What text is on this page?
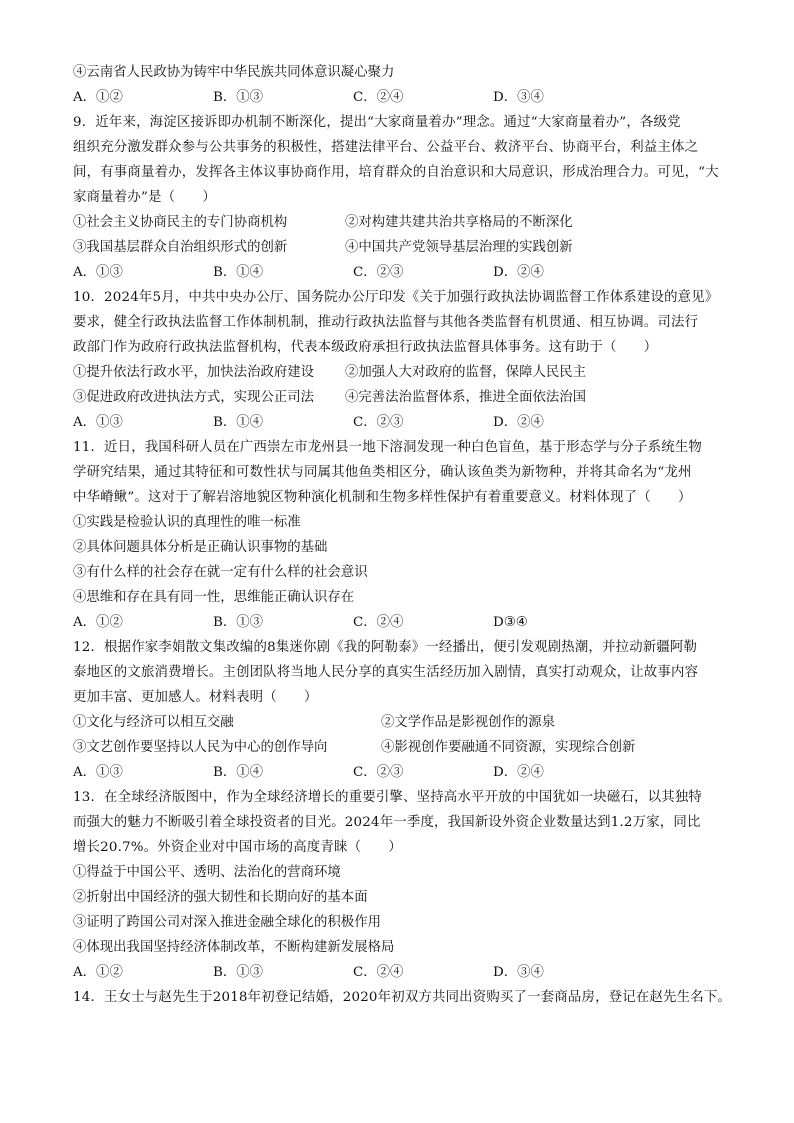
④云南省人民政协为铸牢中华民族共同体意识凝心聚力
A．①②	B．①③	C．②④	D．③④
9．近年来，海淀区接诉即办机制不断深化，提出“大家商量着办”理念。通过“大家商量着办”，各级党
组织充分激发群众参与公共事务的积极性，搭建法律平台、公益平台、救济平台、协商平台，利益主体之
间，有事商量着办，发挥各主体议事协商作用，培育群众的自治意识和大局意识，形成治理合力。可见，“大
家商量着办”是（　　）
①社会主义协商民主的专门协商机构	②对构建共建共治共享格局的不断深化
③我国基层群众自治组织形式的创新	④中国共产党领导基层治理的实践创新
A．①③	B．①④	C．②③	D．②④
10．2024年5月，中共中央办公厅、国务院办公厅印发《关于加强行政执法协调监督工作体系建设的意见》
要求，健全行政执法监督工作体制机制，推动行政执法监督与其他各类监督有机贯通、相互协调。司法行
政部门作为政府行政执法监督机构，代表本级政府承担行政执法监督具体事务。这有助于（　　）
①提升依法行政水平，加快法治政府建设	②加强人大对政府的监督，保障人民民主
③促进政府改进执法方式，实现公正司法	④完善法治监督体系，推进全面依法治国
A．①③	B．①④	C．②③	D．②④
11．近日，我国科研人员在广西崇左市龙州县一地下溶洞发现一种白色盲鱼，基于形态学与分子系统生物
学研究结果，通过其特征和可数性状与同属其他鱼类相区分，确认该鱼类为新物种，并将其命名为“龙州
中华嵴鳅”。这对于了解岩溶地貌区物种演化机制和生物多样性保护有着重要意义。材料体现了（　　）
①实践是检验认识的真理性的唯一标准
②具体问题具体分析是正确认识事物的基础
③有什么样的社会存在就一定有什么样的社会意识
④思维和存在具有同一性，思维能正确认识存在
A．①②	B．①③	C．②④	D③④
12．根据作家李娟散文集改编的8集迷你剧《我的阿勒泰》一经播出，便引发观剧热潮，并拉动新疆阿勒
泰地区的文旅消费增长。主创团队将当地人民分享的真实生活经历加入剧情，真实打动观众，让故事内容
更加丰富、更加感人。材料表明（　　）
①文化与经济可以相互交融	②文学作品是影视创作的源泉
③文艺创作要坚持以人民为中心的创作导向	④影视创作要融通不同资源，实现综合创新
A．①③	B．①④	C．②③	D．②④
13．在全球经济版图中，作为全球经济增长的重要引擎、坚持高水平开放的中国犹如一块磁石，以其独特
而强大的魅力不断吸引着全球投资者的目光。2024年一季度，我国新设外资企业数量达到1.2万家，同比
增长20.7%。外资企业对中国市场的高度青睐（　　）
①得益于中国公平、透明、法治化的营商环境
②折射出中国经济的强大韧性和长期向好的基本面
③证明了跨国公司对深入推进金融全球化的积极作用
④体现出我国坚持经济体制改革，不断构建新发展格局
A．①②	B．①③	C．②④	D．③④
14．王女士与赵先生于2018年初登记结婚，2020年初双方共同出资购买了一套商品房，登记在赵先生名下。
